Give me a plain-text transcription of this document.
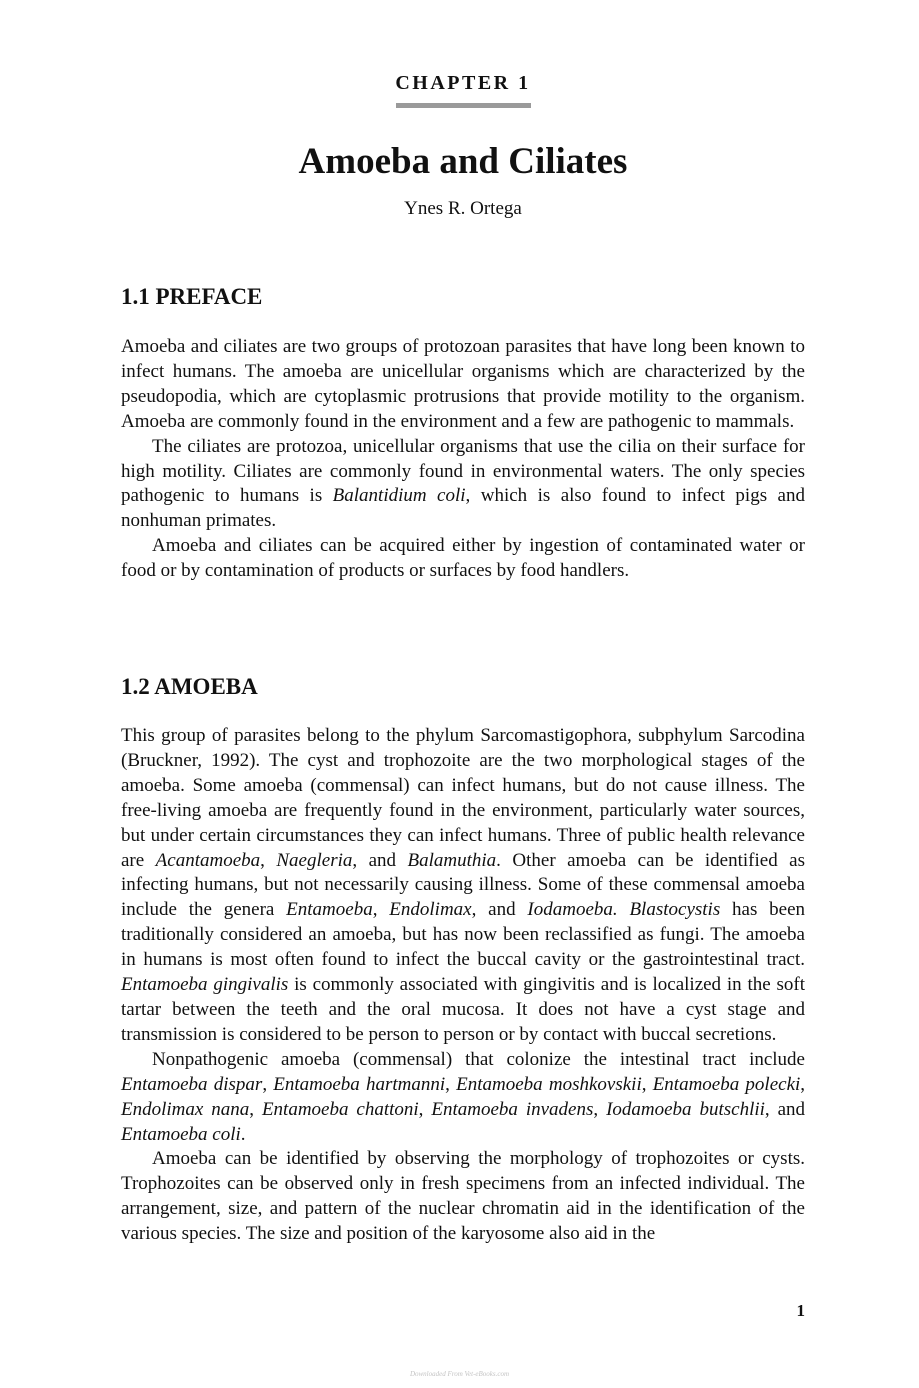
CHAPTER 1
Amoeba and Ciliates
Ynes R. Ortega
1.1 PREFACE

Amoeba and ciliates are two groups of protozoan parasites that have long been known to infect humans. The amoeba are unicellular organisms which are characterized by the pseudopodia, which are cytoplasmic protrusions that provide motility to the organism. Amoeba are commonly found in the environment and a few are pathogenic to mammals.

The ciliates are protozoa, unicellular organisms that use the cilia on their surface for high motility. Ciliates are commonly found in environmental waters. The only species pathogenic to humans is Balantidium coli, which is also found to infect pigs and nonhuman primates.

Amoeba and ciliates can be acquired either by ingestion of contaminated water or food or by contamination of products or surfaces by food handlers.

1.2 AMOEBA

This group of parasites belong to the phylum Sarcomastigophora, subphylum Sarcodina (Bruckner, 1992). The cyst and trophozoite are the two morphological stages of the amoeba. Some amoeba (commensal) can infect humans, but do not cause illness. The free-living amoeba are frequently found in the environment, particularly water sources, but under certain circumstances they can infect humans. Three of public health relevance are Acantamoeba, Naegleria, and Balamuthia. Other amoeba can be identified as infecting humans, but not necessarily causing illness. Some of these commensal amoeba include the genera Entamoeba, Endolimax, and Iodamoeba. Blastocystis has been traditionally considered an amoeba, but has now been reclassified as fungi. The amoeba in humans is most often found to infect the buccal cavity or the gastrointestinal tract. Entamoeba gingivalis is commonly associated with gingivitis and is localized in the soft tartar between the teeth and the oral mucosa. It does not have a cyst stage and transmission is considered to be person to person or by contact with buccal secretions.

Nonpathogenic amoeba (commensal) that colonize the intestinal tract include Entamoeba dispar, Entamoeba hartmanni, Entamoeba moshkovskii, Entamoeba polecki, Endolimax nana, Entamoeba chattoni, Entamoeba invadens, Iodamoeba butschlii, and Entamoeba coli.

Amoeba can be identified by observing the morphology of trophozoites or cysts. Trophozoites can be observed only in fresh specimens from an infected individual. The arrangement, size, and pattern of the nuclear chromatin aid in the identification of the various species. The size and position of the karyosome also aid in the

1
Downloaded From Vet-eBooks.com
